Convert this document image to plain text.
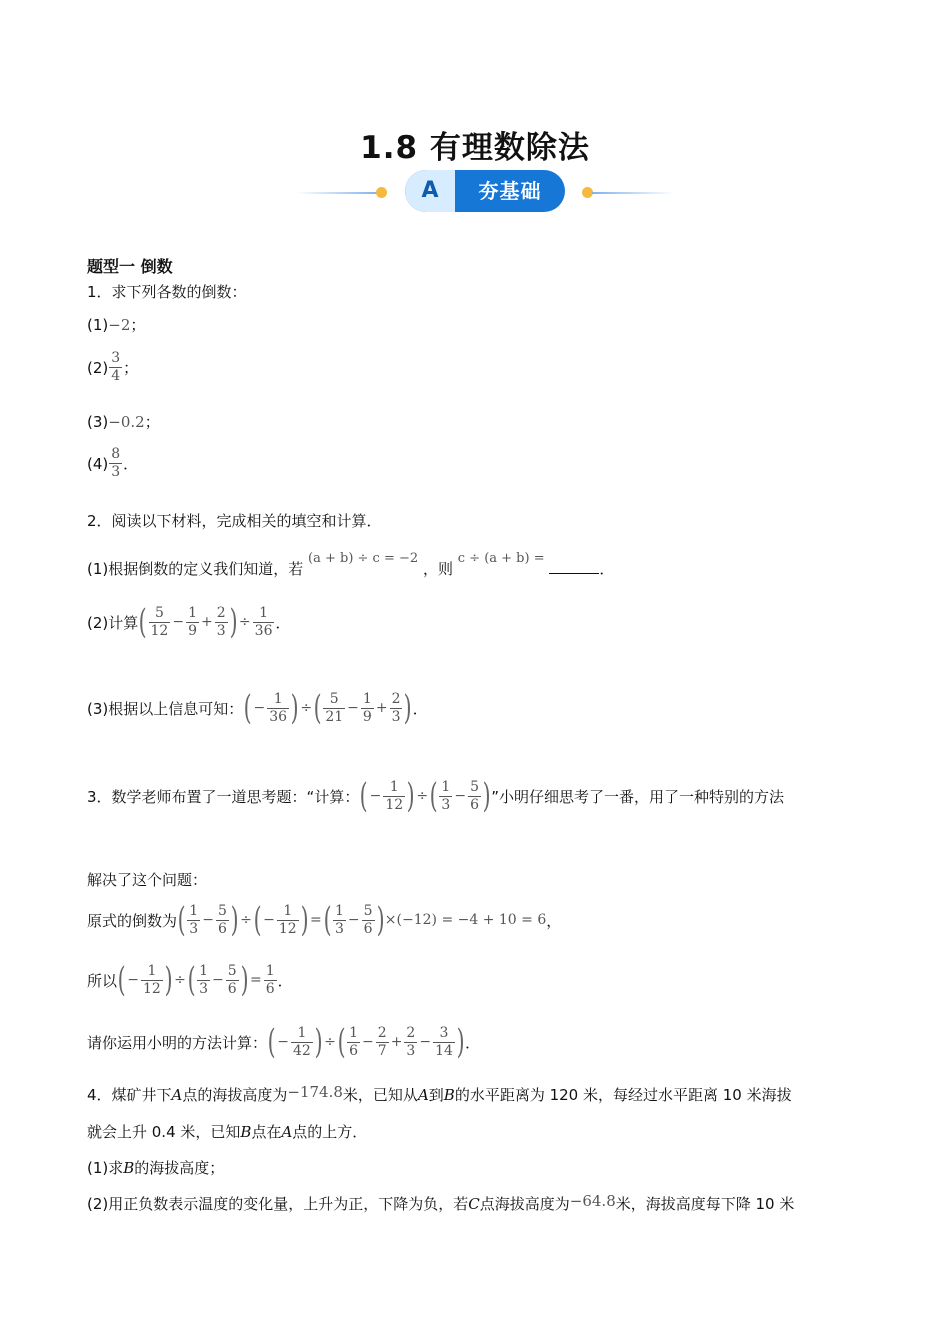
1.8 有理数除法
A	夯基础
题型一 倒数
1．求下列各数的倒数：
(1)−2；
$(2) \frac{3}{4}$ ；
(3)−0.2；
$(4) \frac{8}{3}$ ．
2．阅读以下材料，完成相关的填空和计算．
(1)根据倒数的定义我们知道，若 (a + b) ÷ c = −2 ，则 c ÷ (a + b) = ．
(2)计算 ( $\frac{5}{12} - \frac{1}{9} + \frac{2}{3}$ ) ÷ $\frac{1}{36}$ ．
(3)根据以上信息可知： ( − $\frac{1}{36}$ ) ÷ ( $\frac{5}{21} - \frac{1}{9} + \frac{2}{3}$ ) ．
3．数学老师布置了一道思考题：“计算： ( − $\frac{1}{12}$ ) ÷ ( $\frac{1}{3} - \frac{5}{6}$ ) ”小明仔细思考了一番，用了一种特别的方法
解决了这个问题：
原式的倒数为 ( $\frac{1}{3} - \frac{5}{6}$ ) ÷ ( − $\frac{1}{12}$ ) = ( $\frac{1}{3} - \frac{5}{6}$ ) ×(−12) = −4 + 10 = 6 ，
所以 ( − $\frac{1}{12}$ ) ÷ ( $\frac{1}{3} - \frac{5}{6}$ ) = $\frac{1}{6}$ ．
请你运用小明的方法计算： ( − $\frac{1}{42}$ ) ÷ ( $\frac{1}{6} - \frac{2}{7} + \frac{2}{3} - \frac{3}{14}$ ) ．
4．煤矿井下A点的海拔高度为−174.8米，已知从A到B的水平距离为 120 米，每经过水平距离 10 米海拔
就会上升 0.4 米，已知B点在A点的上方．
(1)求B的海拔高度；
(2)用正负数表示温度的变化量，上升为正，下降为负，若C点海拔高度为−64.8米，海拔高度每下降 10 米
